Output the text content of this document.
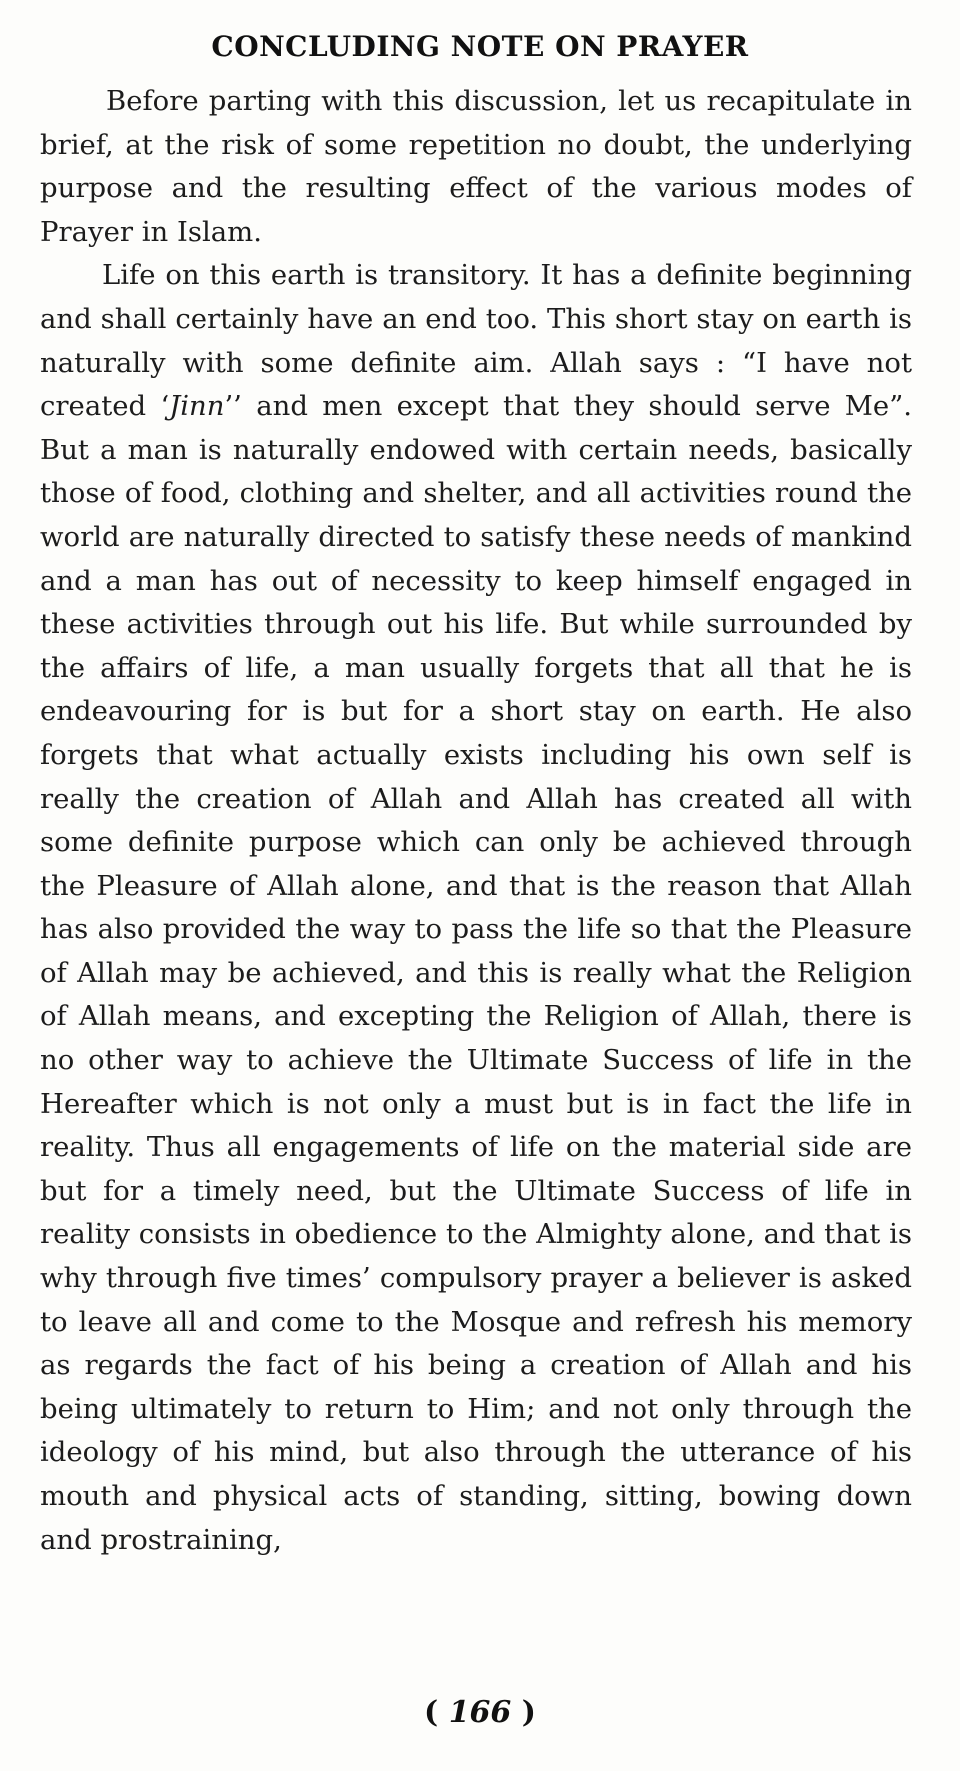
CONCLUDING NOTE ON PRAYER

Before parting with this discussion, let us recapitulate in brief, at the risk of some repetition no doubt, the underlying purpose and the resulting effect of the various modes of Prayer in Islam.

Life on this earth is transitory. It has a definite beginning and shall certainly have an end too. This short stay on earth is naturally with some definite aim. Allah says : “I have not created ‘Jinn’’ and men except that they should serve Me”. But a man is naturally endowed with certain needs, basically those of food, clothing and shelter, and all activities round the world are naturally directed to satisfy these needs of mankind and a man has out of necessity to keep himself engaged in these activities through out his life. But while surrounded by the affairs of life, a man usually forgets that all that he is endeavouring for is but for a short stay on earth. He also forgets that what actually exists including his own self is really the creation of Allah and Allah has created all with some definite purpose which can only be achieved through the Pleasure of Allah alone, and that is the reason that Allah has also provided the way to pass the life so that the Pleasure of Allah may be achieved, and this is really what the Religion of Allah means, and excepting the Religion of Allah, there is no other way to achieve the Ultimate Success of life in the Hereafter which is not only a must but is in fact the life in reality. Thus all engagements of life on the material side are but for a timely need, but the Ultimate Success of life in reality consists in obedience to the Almighty alone, and that is why through five times’ compulsory prayer a believer is asked to leave all and come to the Mosque and refresh his memory as regards the fact of his being a creation of Allah and his being ultimately to return to Him; and not only through the ideology of his mind, but also through the utterance of his mouth and physical acts of standing, sitting, bowing down and prostraining,

( 166 )
